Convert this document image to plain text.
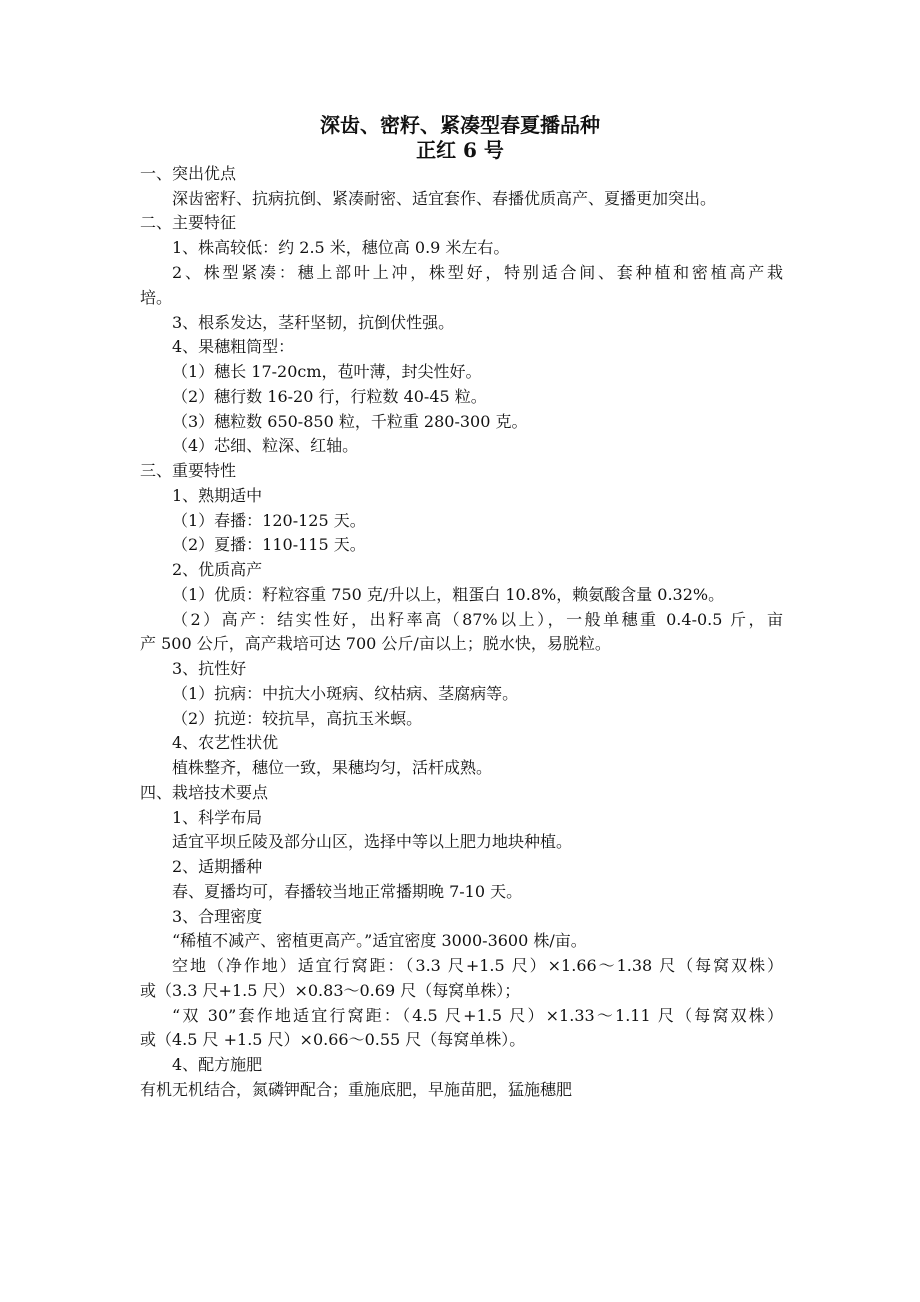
深齿、密籽、紧凑型春夏播品种
正红 6 号
一、突出优点
深齿密籽、抗病抗倒、紧凑耐密、适宜套作、春播优质高产、夏播更加突出。
二、主要特征
1、株高较低：约 2.5 米，穗位高 0.9 米左右。
2、株型紧凑：穗上部叶上冲，株型好，特别适合间、套种植和密植高产栽
培。
3、根系发达，茎秆坚韧，抗倒伏性强。
4、果穗粗筒型：
（1）穗长 17-20cm，苞叶薄，封尖性好。
（2）穗行数 16-20 行，行粒数 40-45 粒。
（3）穗粒数 650-850 粒，千粒重 280-300 克。
（4）芯细、粒深、红轴。
三、重要特性
1、熟期适中
（1）春播：120-125 天。
（2）夏播：110-115 天。
2、优质高产
（1）优质：籽粒容重 750 克/升以上，粗蛋白 10.8%，赖氨酸含量 0.32%。
（2）高产：结实性好，出籽率高（87%以上），一般单穗重 0.4-0.5 斤，亩
产 500 公斤，高产栽培可达 700 公斤/亩以上；脱水快，易脱粒。
3、抗性好
（1）抗病：中抗大小斑病、纹枯病、茎腐病等。
（2）抗逆：较抗旱，高抗玉米螟。
4、农艺性状优
植株整齐，穗位一致，果穗均匀，活杆成熟。
四、栽培技术要点
1、科学布局
适宜平坝丘陵及部分山区，选择中等以上肥力地块种植。
2、适期播种
春、夏播均可，春播较当地正常播期晚 7-10 天。
3、合理密度
“稀植不减产、密植更高产。”适宜密度 3000-3600 株/亩。
空地（净作地）适宜行窝距：（3.3 尺+1.5 尺）×1.66～1.38 尺（每窝双株）
或（3.3 尺+1.5 尺）×0.83～0.69 尺（每窝单株）；
“双 30”套作地适宜行窝距：（4.5 尺+1.5 尺）×1.33～1.11 尺（每窝双株）
或（4.5 尺 +1.5 尺）×0.66～0.55 尺（每窝单株）。
4、配方施肥
有机无机结合，氮磷钾配合；重施底肥，早施苗肥，猛施穗肥
